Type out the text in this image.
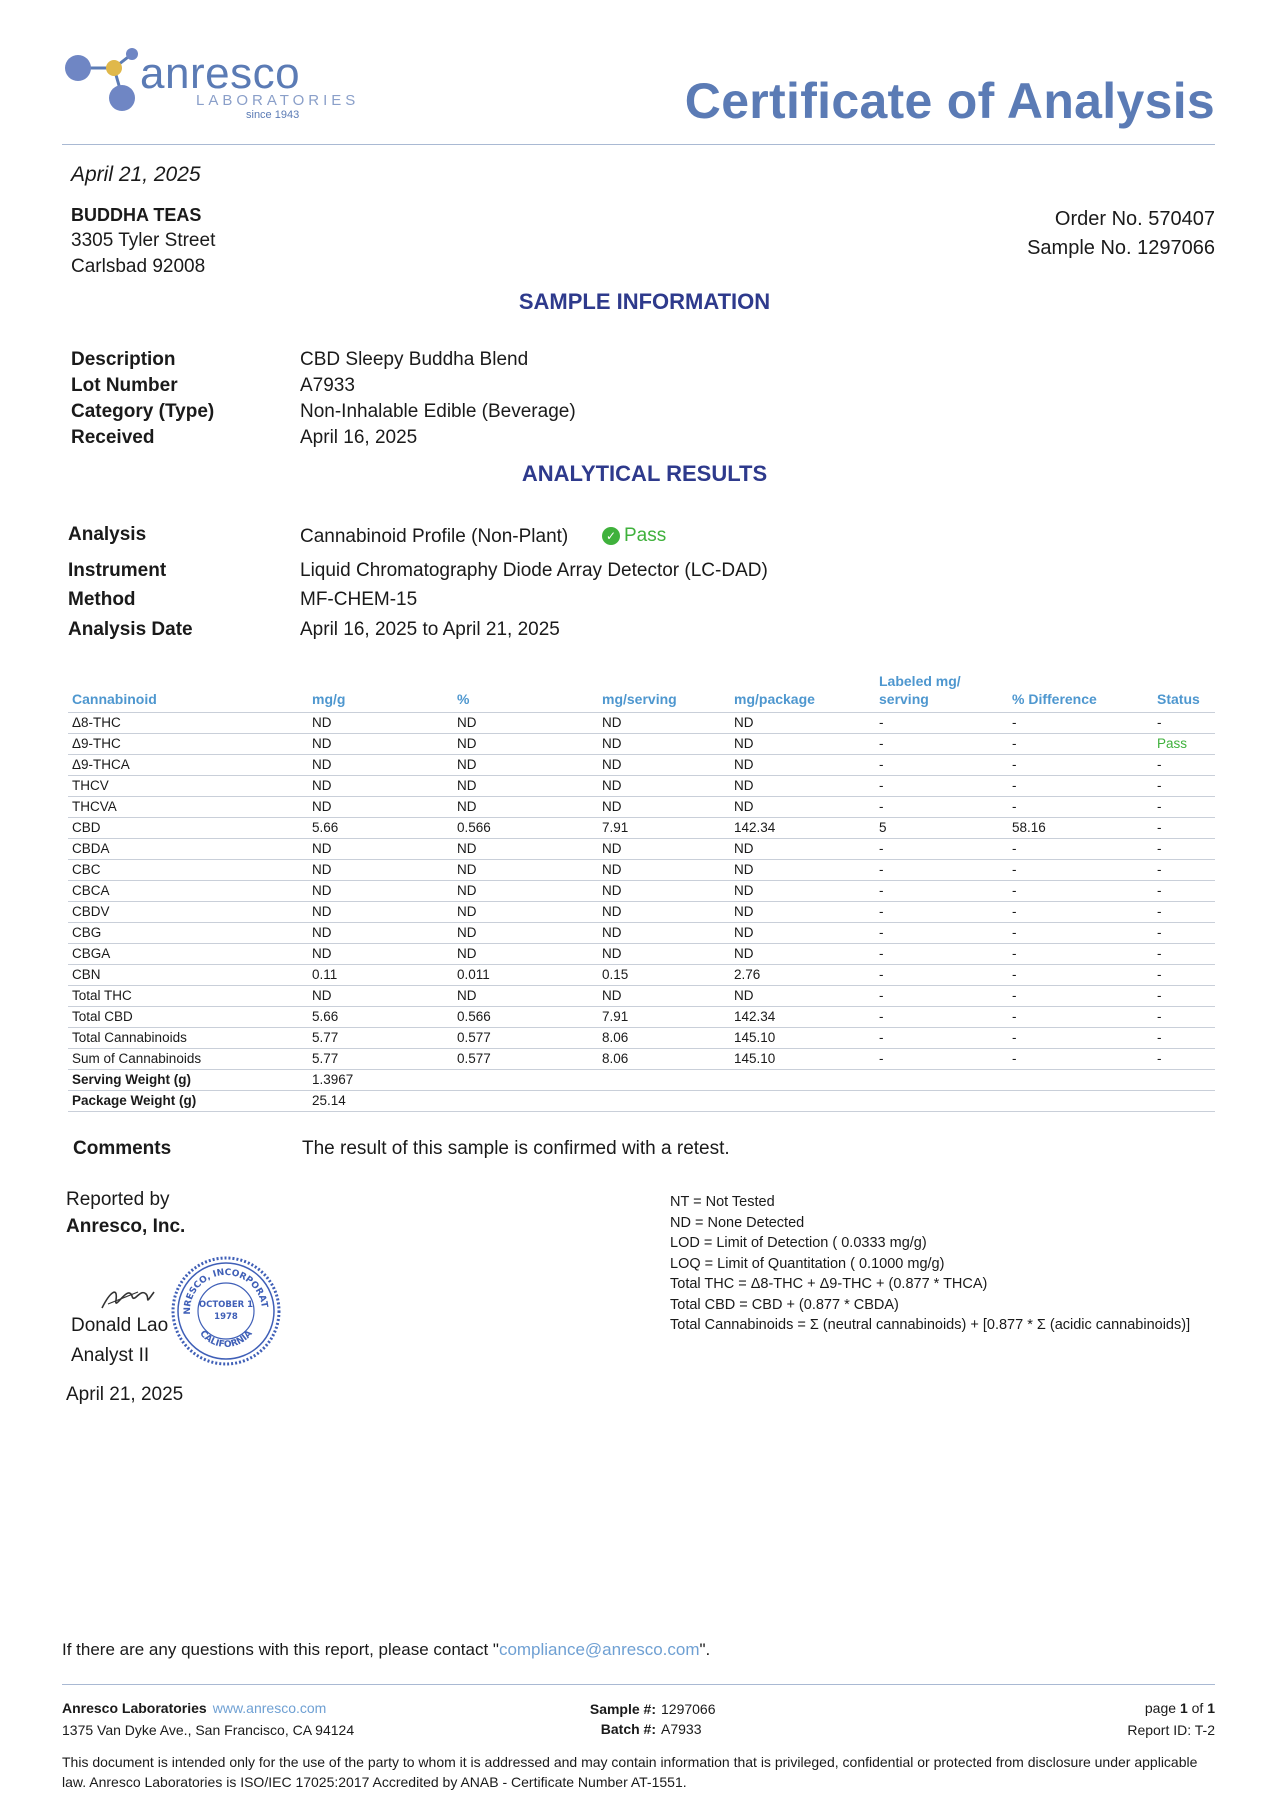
anresco
LABORATORIES
since 1943	Certificate of Analysis
April 21, 2025
BUDDHA TEAS
3305 Tyler Street
Carlsbad 92008
Order No. 570407
Sample No. 1297066
SAMPLE INFORMATION
Description	CBD Sleepy Buddha Blend
Lot Number	A7933
Category (Type)	Non-Inhalable Edible (Beverage)
Received	April 16, 2025
ANALYTICAL RESULTS
Analysis	Cannabinoid Profile (Non-Plant)	✓ Pass
Instrument	Liquid Chromatography Diode Array Detector (LC-DAD)
Method	MF-CHEM-15
Analysis Date	April 16, 2025 to April 21, 2025
Cannabinoid	mg/g	%	mg/serving	mg/package	Labeled mg/ serving	% Difference	Status
Δ8-THC	ND	ND	ND	ND	-	-	-
Δ9-THC	ND	ND	ND	ND	-	-	Pass
Δ9-THCA	ND	ND	ND	ND	-	-	-
THCV	ND	ND	ND	ND	-	-	-
THCVA	ND	ND	ND	ND	-	-	-
CBD	5.66	0.566	7.91	142.34	5	58.16	-
CBDA	ND	ND	ND	ND	-	-	-
CBC	ND	ND	ND	ND	-	-	-
CBCA	ND	ND	ND	ND	-	-	-
CBDV	ND	ND	ND	ND	-	-	-
CBG	ND	ND	ND	ND	-	-	-
CBGA	ND	ND	ND	ND	-	-	-
CBN	0.11	0.011	0.15	2.76	-	-	-
Total THC	ND	ND	ND	ND	-	-	-
Total CBD	5.66	0.566	7.91	142.34	-	-	-
Total Cannabinoids	5.77	0.577	8.06	145.10	-	-	-
Sum of Cannabinoids	5.77	0.577	8.06	145.10	-	-	-
Serving Weight (g)	1.3967						
Package Weight (g)	25.14						
Comments	The result of this sample is confirmed with a retest.
Reported by
Anresco, Inc.
NRESCO, INCORPORAT
CALIFORNIA
OCTOBER 1
1978
Donald Lao
Analyst II
April 21, 2025
NT = Not Tested
ND = None Detected
LOD = Limit of Detection ( 0.0333 mg/g)
LOQ = Limit of Quantitation ( 0.1000 mg/g)
Total THC = Δ8-THC + Δ9-THC + (0.877 * THCA)
Total CBD = CBD + (0.877 * CBDA)
Total Cannabinoids = Σ (neutral cannabinoids) + [0.877 * Σ (acidic cannabinoids)]
If there are any questions with this report, please contact "compliance@anresco.com".
Anresco Laboratories www.anresco.com
1375 Van Dyke Ave., San Francisco, CA 94124
Sample #: 1297066
Batch #: A7933
page 1 of 1
Report ID: T-2
This document is intended only for the use of the party to whom it is addressed and may contain information that is privileged, confidential or protected from disclosure under applicable law. Anresco Laboratories is ISO/IEC 17025:2017 Accredited by ANAB - Certificate Number AT-1551.
